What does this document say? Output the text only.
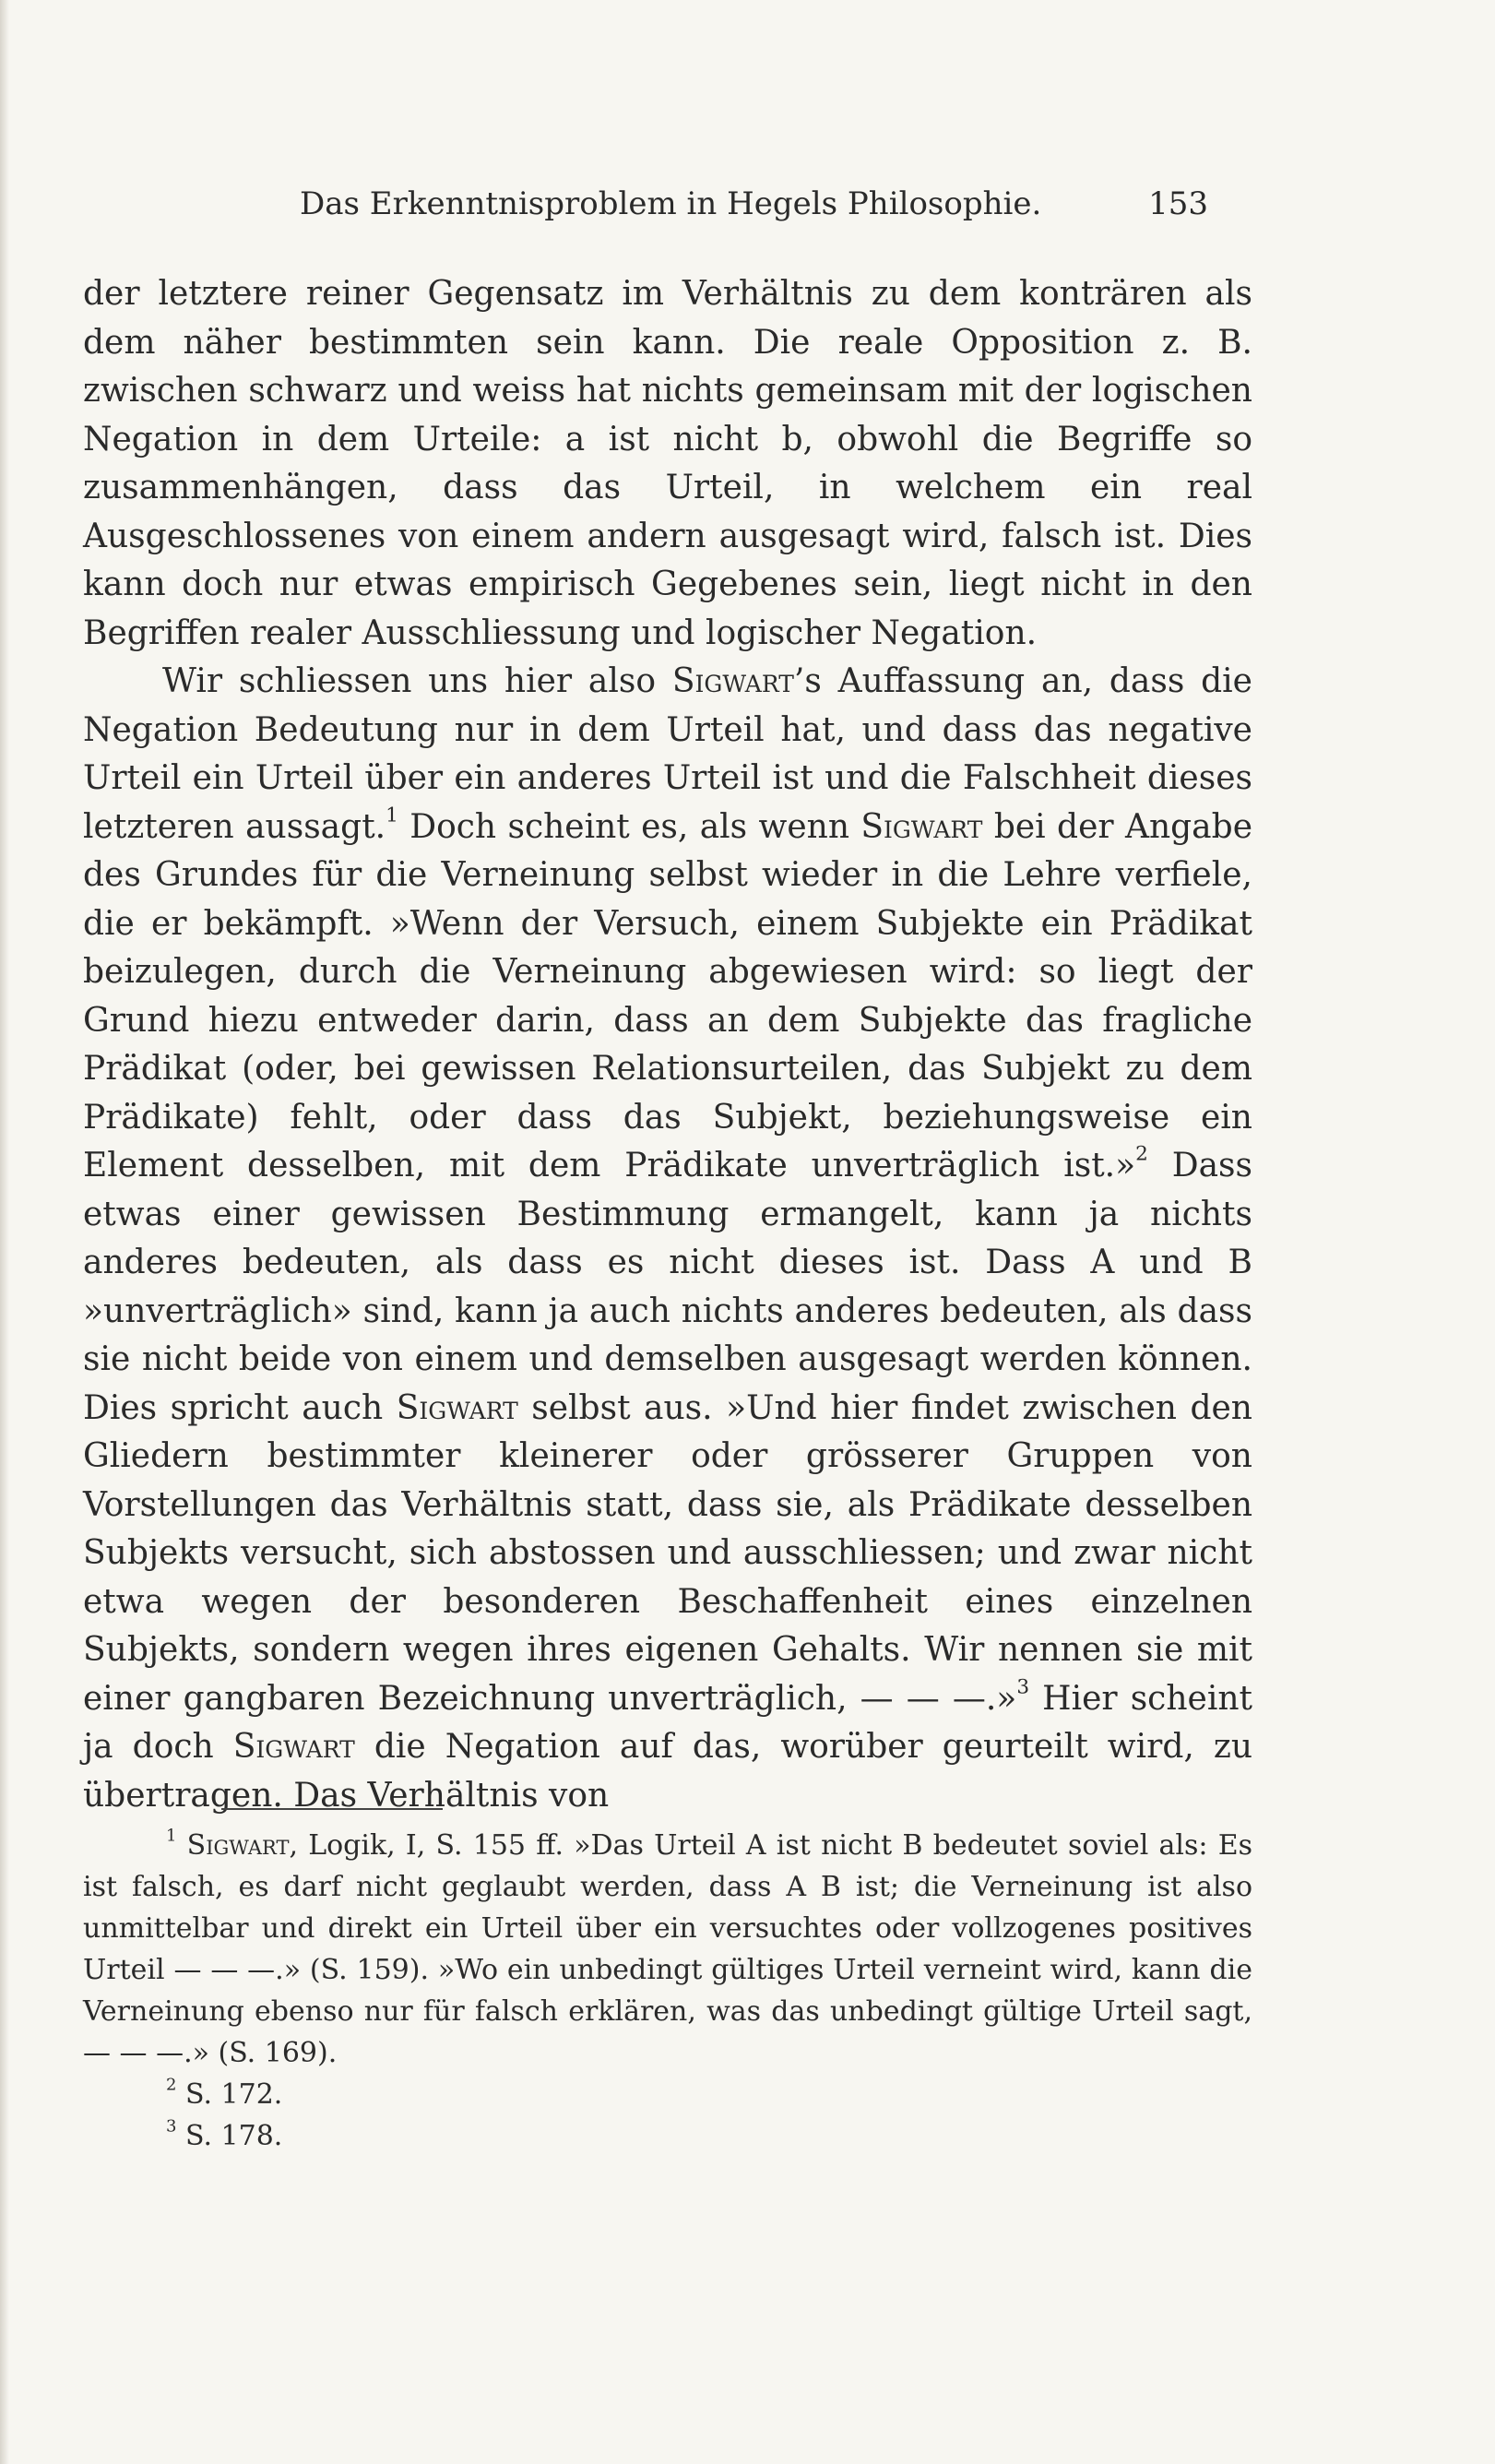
Das Erkenntnisproblem in Hegels Philosophie.	153

der letztere reiner Gegensatz im Verhältnis zu dem konträren als dem näher bestimmten sein kann. Die reale Opposition z. B. zwischen schwarz und weiss hat nichts gemeinsam mit der logischen Negation in dem Urteile: a ist nicht b, obwohl die Begriffe so zusammenhängen, dass das Urteil, in welchem ein real Ausgeschlossenes von einem andern ausgesagt wird, falsch ist. Dies kann doch nur etwas empirisch Gegebenes sein, liegt nicht in den Begriffen realer Ausschliessung und logischer Negation.

Wir schliessen uns hier also Sigwart’s Auffassung an, dass die Negation Bedeutung nur in dem Urteil hat, und dass das negative Urteil ein Urteil über ein anderes Urteil ist und die Falschheit dieses letzteren aussagt.$^1$ Doch scheint es, als wenn Sigwart bei der Angabe des Grundes für die Verneinung selbst wieder in die Lehre verfiele, die er bekämpft. »Wenn der Versuch, einem Subjekte ein Prädikat beizulegen, durch die Verneinung abgewiesen wird: so liegt der Grund hiezu entweder darin, dass an dem Subjekte das fragliche Prädikat (oder, bei gewissen Relationsurteilen, das Subjekt zu dem Prädikate) fehlt, oder dass das Subjekt, beziehungsweise ein Element desselben, mit dem Prädikate unverträglich ist.»$^2$ Dass etwas einer gewissen Bestimmung ermangelt, kann ja nichts anderes bedeuten, als dass es nicht dieses ist. Dass A und B »unverträglich» sind, kann ja auch nichts anderes bedeuten, als dass sie nicht beide von einem und demselben ausgesagt werden können. Dies spricht auch Sigwart selbst aus. »Und hier findet zwischen den Gliedern bestimmter kleinerer oder grösserer Gruppen von Vorstellungen das Verhältnis statt, dass sie, als Prädikate desselben Subjekts versucht, sich abstossen und ausschliessen; und zwar nicht etwa wegen der besonderen Beschaffenheit eines einzelnen Subjekts, sondern wegen ihres eigenen Gehalts. Wir nennen sie mit einer gangbaren Bezeichnung unverträglich, — — —.»$^3$ Hier scheint ja doch Sigwart die Negation auf das, worüber geurteilt wird, zu übertragen. Das Verhältnis von

$^1$ Sigwart, Logik, I, S. 155 ff. »Das Urteil A ist nicht B bedeutet soviel als: Es ist falsch, es darf nicht geglaubt werden, dass A B ist; die Verneinung ist also unmittelbar und direkt ein Urteil über ein versuchtes oder vollzogenes positives Urteil — — —.» (S. 159). »Wo ein unbedingt gültiges Urteil verneint wird, kann die Verneinung ebenso nur für falsch erklären, was das unbedingt gültige Urteil sagt, — — —.» (S. 169).

$^2$ S. 172.

$^3$ S. 178.
